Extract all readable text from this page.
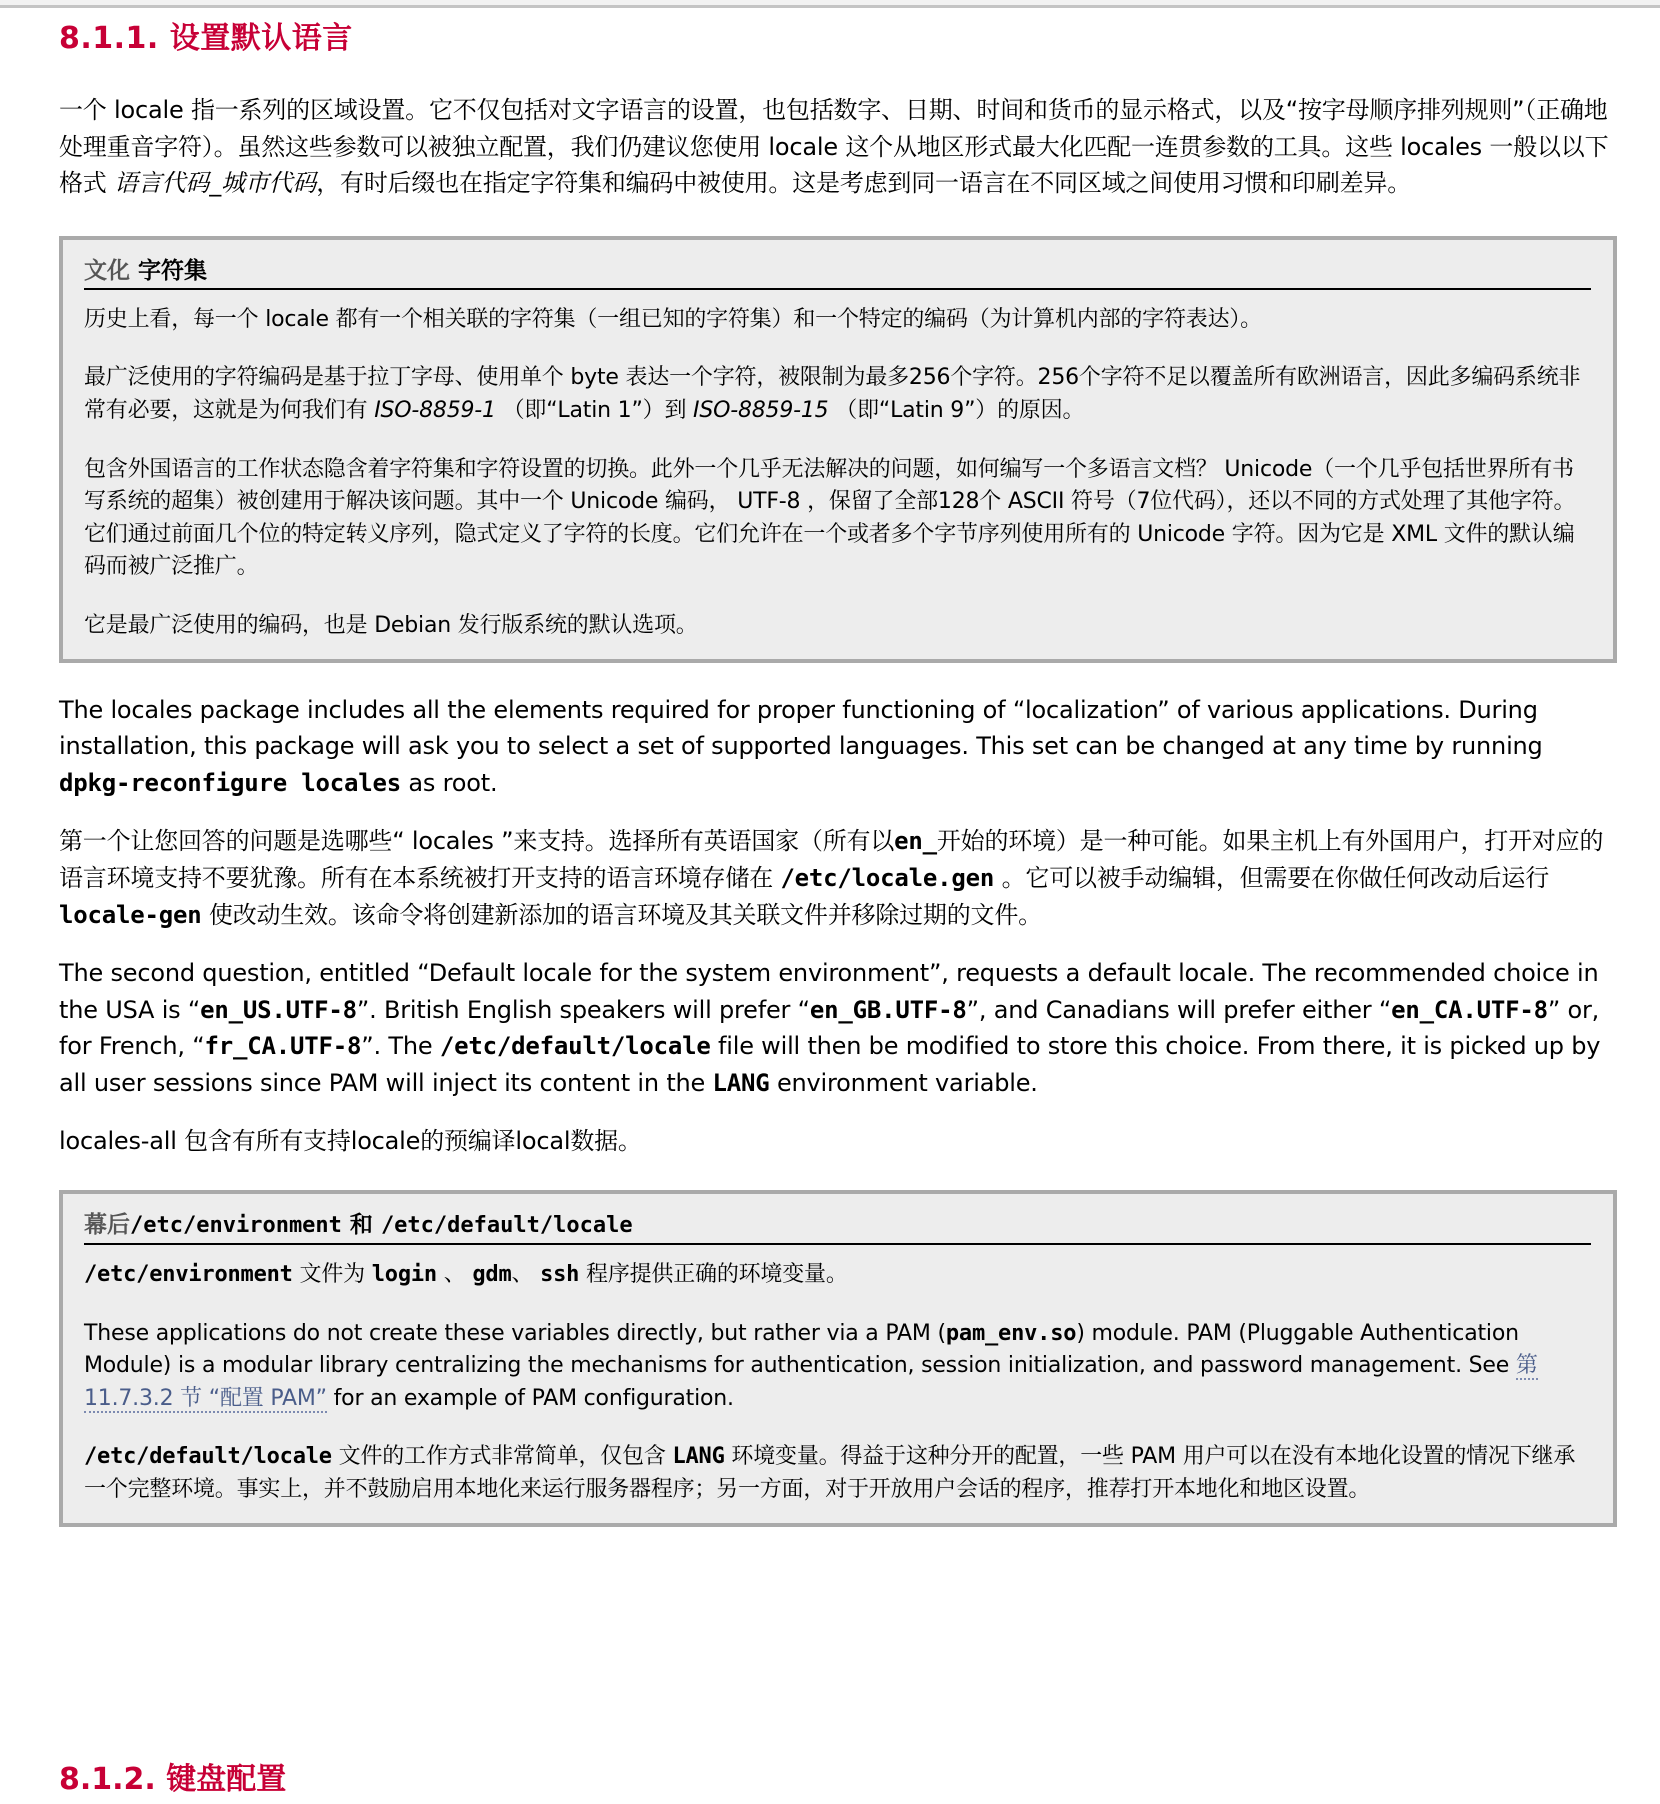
8.1.1. 设置默认语言

一个 locale 指一系列的区域设置。它不仅包括对文字语言的设置，也包括数字、日期、时间和货币的显示格式，以及“按字母顺序排列规则”（正确地处理重音字符）。虽然这些参数可以被独立配置，我们仍建议您使用 locale 这个从地区形式最大化匹配一连贯参数的工具。这些 locales 一般以以下格式 语言代码_城市代码，有时后缀也在指定字符集和编码中被使用。这是考虑到同一语言在不同区域之间使用习惯和印刷差异。

文化 字符集

历史上看，每一个 locale 都有一个相关联的字符集（一组已知的字符集）和一个特定的编码（为计算机内部的字符表达）。

最广泛使用的字符编码是基于拉丁字母、使用单个 byte 表达一个字符，被限制为最多256个字符。256个字符不足以覆盖所有欧洲语言，因此多编码系统非常有必要，这就是为何我们有 ISO-8859-1 （即“Latin 1”）到 ISO-8859-15 （即“Latin 9”）的原因。

包含外国语言的工作状态隐含着字符集和字符设置的切换。此外一个几乎无法解决的问题，如何编写一个多语言文档？ Unicode（一个几乎包括世界所有书写系统的超集）被创建用于解决该问题。其中一个 Unicode 编码， UTF-8 ，保留了全部128个 ASCII 符号（7位代码），还以不同的方式处理了其他字符。它们通过前面几个位的特定转义序列，隐式定义了字符的长度。它们允许在一个或者多个字节序列使用所有的 Unicode 字符。因为它是 XML 文件的默认编码而被广泛推广。

它是最广泛使用的编码，也是 Debian 发行版系统的默认选项。

The locales package includes all the elements required for proper functioning of “localization” of various applications. During installation, this package will ask you to select a set of supported languages. This set can be changed at any time by running dpkg-reconfigure locales as root.

第一个让您回答的问题是选哪些“ locales ”来支持。选择所有英语国家（所有以en_开始的环境）是一种可能。如果主机上有外国用户，打开对应的语言环境支持不要犹豫。所有在本系统被打开支持的语言环境存储在 /etc/locale.gen 。它可以被手动编辑，但需要在你做任何改动后运行 locale-gen 使改动生效。该命令将创建新添加的语言环境及其关联文件并移除过期的文件。

The second question, entitled “Default locale for the system environment”, requests a default locale. The recommended choice in the USA is “en_US.UTF-8”. British English speakers will prefer “en_GB.UTF-8”, and Canadians will prefer either “en_CA.UTF-8” or, for French, “fr_CA.UTF-8”. The /etc/default/locale file will then be modified to store this choice. From there, it is picked up by all user sessions since PAM will inject its content in the LANG environment variable.

locales-all 包含有所有支持locale的预编译local数据。

幕后/etc/environment 和 /etc/default/locale

/etc/environment 文件为 login 、 gdm、 ssh 程序提供正确的环境变量。

These applications do not create these variables directly, but rather via a PAM (pam_env.so) module. PAM (Pluggable Authentication Module) is a modular library centralizing the mechanisms for authentication, session initialization, and password management. See 第 11.7.3.2 节 “配置 PAM” for an example of PAM configuration.

/etc/default/locale 文件的工作方式非常简单，仅包含 LANG 环境变量。得益于这种分开的配置，一些 PAM 用户可以在没有本地化设置的情况下继承一个完整环境。事实上，并不鼓励启用本地化来运行服务器程序；另一方面，对于开放用户会话的程序，推荐打开本地化和地区设置。

8.1.2. 键盘配置
